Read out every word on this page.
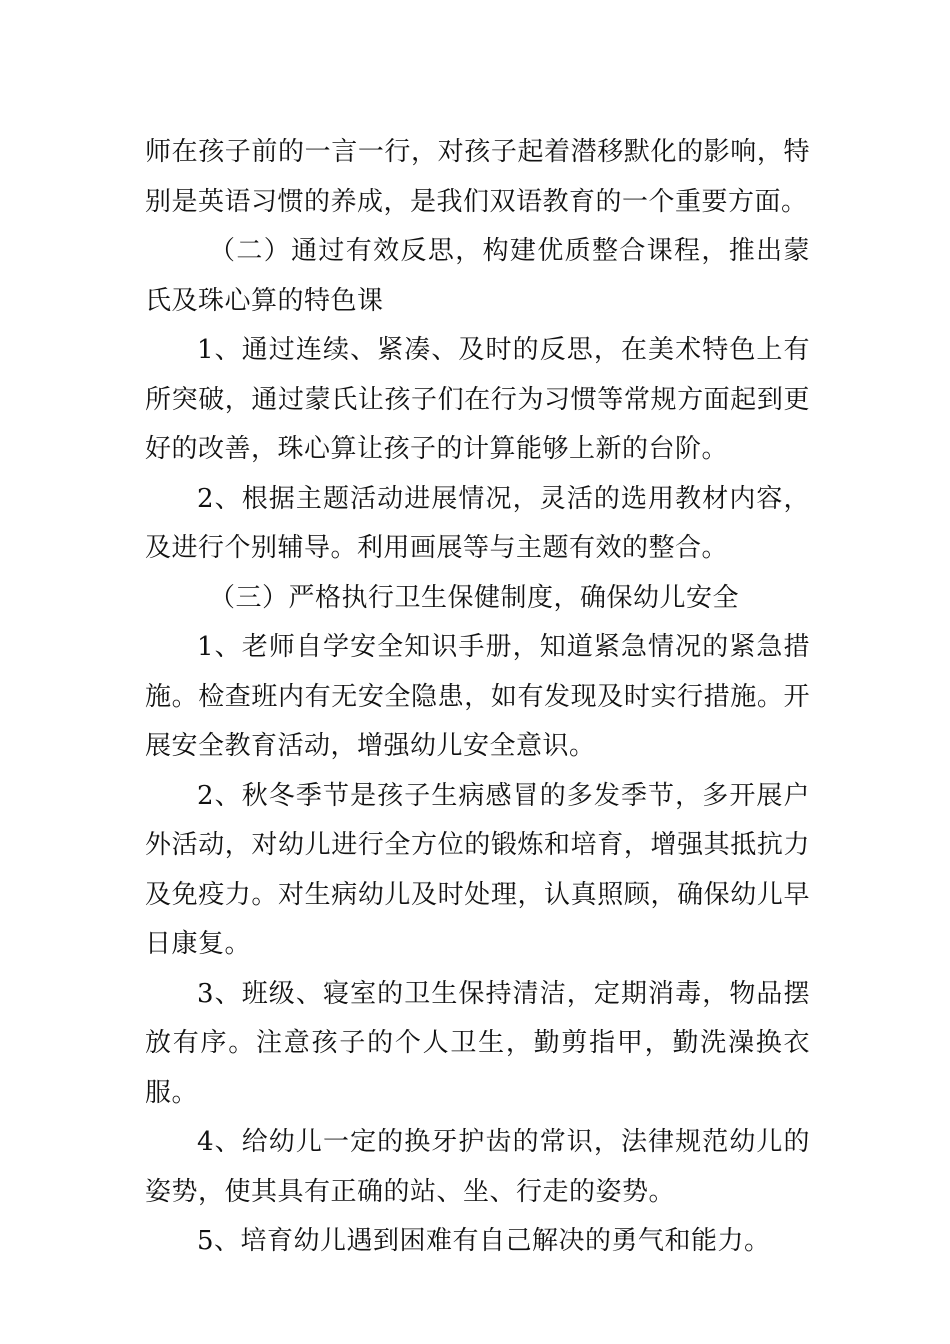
师在孩子前的一言一行，对孩子起着潜移默化的影响，特别是英语习惯的养成，是我们双语教育的一个重要方面。

（二）通过有效反思，构建优质整合课程，推出蒙氏及珠心算的特色课

1、通过连续、紧凑、及时的反思，在美术特色上有所突破，通过蒙氏让孩子们在行为习惯等常规方面起到更好的改善，珠心算让孩子的计算能够上新的台阶。

2、根据主题活动进展情况，灵活的选用教材内容，及进行个别辅导。利用画展等与主题有效的整合。

（三）严格执行卫生保健制度，确保幼儿安全

1、老师自学安全知识手册，知道紧急情况的紧急措施。检查班内有无安全隐患，如有发现及时实行措施。开展安全教育活动，增强幼儿安全意识。

2、秋冬季节是孩子生病感冒的多发季节，多开展户外活动，对幼儿进行全方位的锻炼和培育，增强其抵抗力及免疫力。对生病幼儿及时处理，认真照顾，确保幼儿早日康复。

3、班级、寝室的卫生保持清洁，定期消毒，物品摆放有序。注意孩子的个人卫生，勤剪指甲，勤洗澡换衣服。

4、给幼儿一定的换牙护齿的常识，法律规范幼儿的姿势，使其具有正确的站、坐、行走的姿势。

5、培育幼儿遇到困难有自己解决的勇气和能力。
